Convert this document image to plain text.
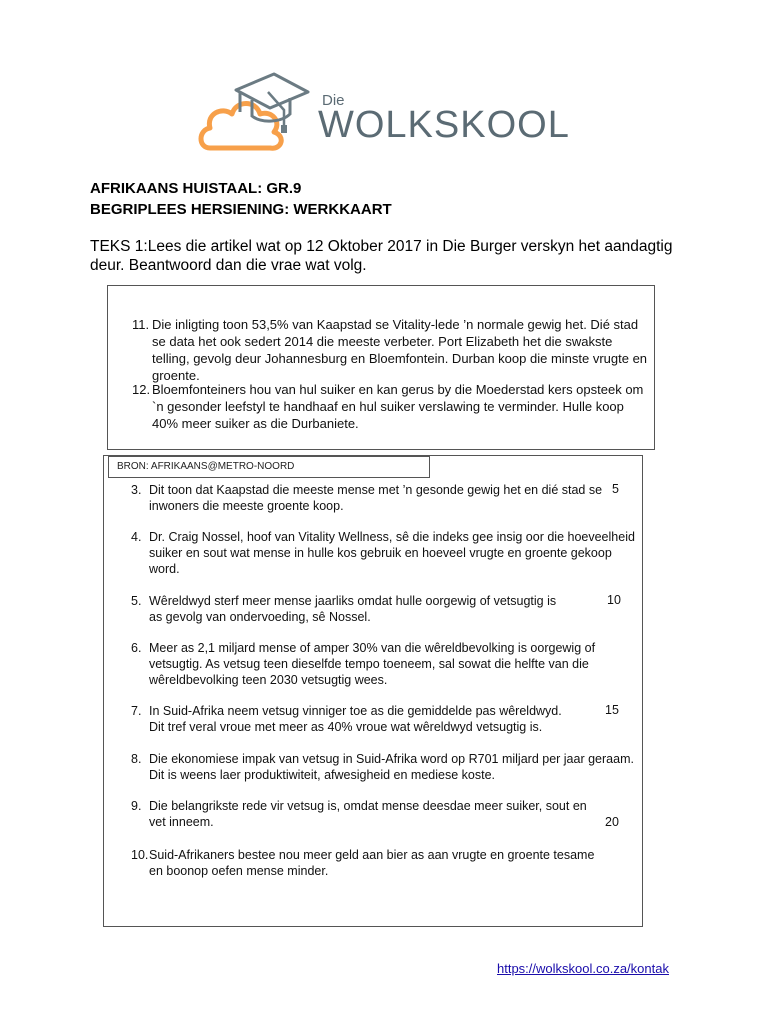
Die
WOLKSKOOL
AFRIKAANS HUISTAAL: GR.9
BEGRIPLEES HERSIENING: WERKKAART
TEKS 1:Lees die artikel wat op 12 Oktober 2017 in Die Burger verskyn het aandagtig deur. Beantwoord dan die vrae wat volg.
11. Die inligting toon 53,5% van Kaapstad se Vitality-lede ’n normale gewig het. Dié stad se data het ook sedert 2014 die meeste verbeter. Port Elizabeth het die swakste telling, gevolg deur Johannesburg en Bloemfontein. Durban koop die minste vrugte en groente.
12. Bloemfonteiners hou van hul suiker en kan gerus by die Moederstad kers opsteek om `n gesonder leefstyl te handhaaf en hul suiker verslawing te verminder. Hulle koop 40% meer suiker as die Durbaniete.
BRON: AFRIKAANS@METRO-NOORD
3. Dit toon dat Kaapstad die meeste mense met ’n gesonde gewig het en dié stad se inwoners die meeste groente koop.
4. Dr. Craig Nossel, hoof van Vitality Wellness, sê die indeks gee insig oor die hoeveelheid suiker en sout wat mense in hulle kos gebruik en hoeveel vrugte en groente gekoop word.
5. Wêreldwyd sterf meer mense jaarliks omdat hulle oorgewig of vetsugtig is as gevolg van ondervoeding, sê Nossel.
6. Meer as 2,1 miljard mense of amper 30% van die wêreldbevolking is oorgewig of vetsugtig. As vetsug teen dieselfde tempo toeneem, sal sowat die helfte van die wêreldbevolking teen 2030 vetsugtig wees.
7. In Suid-Afrika neem vetsug vinniger toe as die gemiddelde pas wêreldwyd. Dit tref veral vroue met meer as 40% vroue wat wêreldwyd vetsugtig is.
8. Die ekonomiese impak van vetsug in Suid-Afrika word op R701 miljard per jaar geraam. Dit is weens laer produktiwiteit, afwesigheid en mediese koste.
9. Die belangrikste rede vir vetsug is, omdat mense deesdae meer suiker, sout en vet inneem.
10. Suid-Afrikaners bestee nou meer geld aan bier as aan vrugte en groente tesame en boonop oefen mense minder.
5
10
15
20
https://wolkskool.co.za/kontak
